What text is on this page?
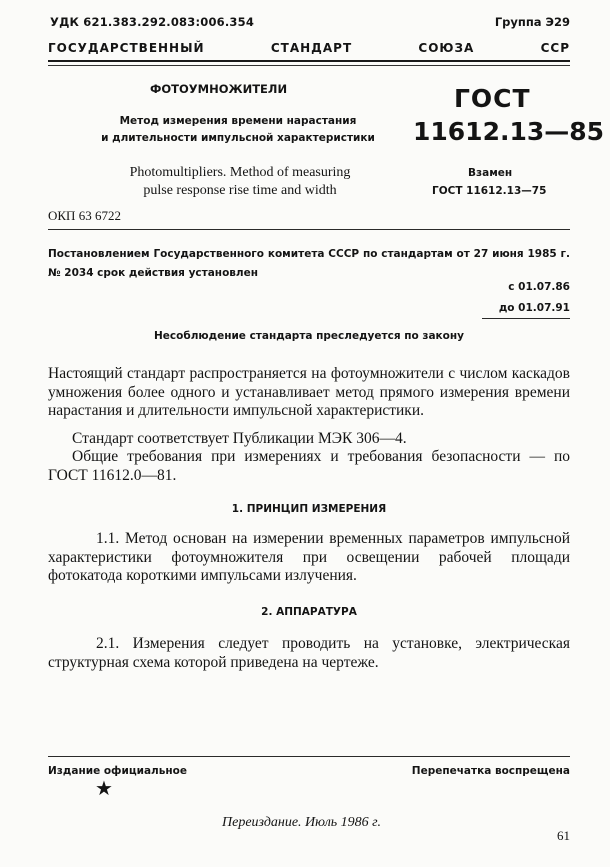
УДК 621.383.292.083:006.354	Группа Э29
ГОСУДАРСТВЕННЫЙ СТАНДАРТ СОЮЗА ССР
ФОТОУМНОЖИТЕЛИ
Метод измерения времени нарастания
и длительности импульсной характеристики
Photomultipliers. Method of measuring
pulse response rise time and width
ГОСТ
11612.13—85
Взамен
ГОСТ 11612.13—75
ОКП 63 6722
Постановлением Государственного комитета СССР по стандартам от 27 июня 1985 г. № 2034 срок действия установлен
с 01.07.86
до 01.07.91
Несоблюдение стандарта преследуется по закону
Настоящий стандарт распространяется на фотоумножители с числом каскадов умножения более одного и устанавливает метод прямого измерения времени нарастания и длительности импульсной характеристики.
Стандарт соответствует Публикации МЭК 306—4.
Общие требования при измерениях и требования безопасности — по ГОСТ 11612.0—81.
1. ПРИНЦИП ИЗМЕРЕНИЯ
1.1. Метод основан на измерении временных параметров импульсной характеристики фотоумножителя при освещении рабочей площади фотокатода короткими импульсами излучения.
2. АППАРАТУРА
2.1. Измерения следует проводить на установке, электрическая структурная схема которой приведена на чертеже.
Издание официальное	Перепечатка воспрещена
★
Переиздание. Июль 1986 г.
61
